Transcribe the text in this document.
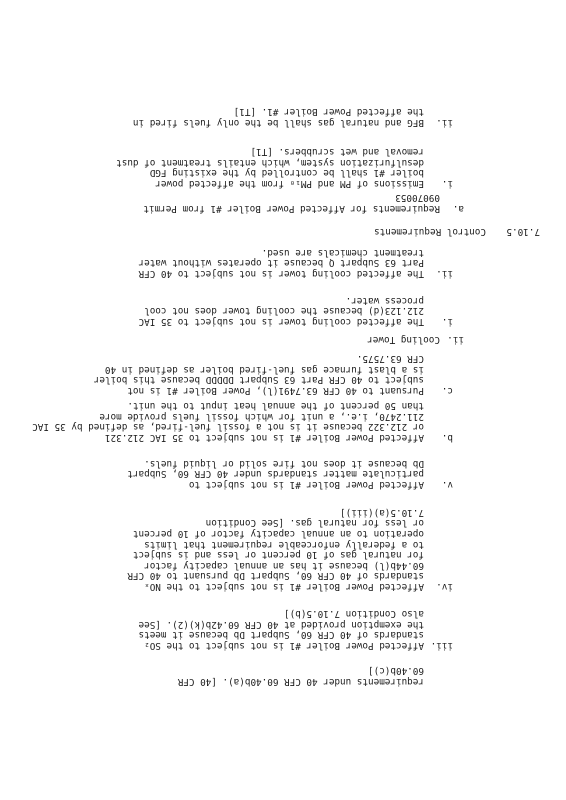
requirements under 40 CFR 60.40b(a). [40 CFR
60.40b(c)]
iii.
Affected Power Boiler #1 is not subject to the SO₂
standards of 40 CFR 60, Subpart Db because it meets
the exemption provided at 40 CFR 60.42b(k)(2). [See
also Condition 7.10.5(b)]
iv.
Affected Power Boiler #1 is not subject to the NOₓ
standards of 40 CFR 60, Subpart Db pursuant to 40 CFR
60.44b(l) because it has an annual capacity factor
for natural gas of 10 percent or less and is subject
to a federally enforceable requirement that limits
operation to an annual capacity factor of 10 percent
or less for natural gas. [See Condition
7.10.5(a)(iii)]
v.
Affected Power Boiler #1 is not subject to
particulate matter standards under 40 CFR 60, Subpart
Db because it does not fire solid or liquid fuels.
b.
Affected Power Boiler #1 is not subject to 35 IAC 212.321
or 212.322 because it is not a fossil fuel-fired, as defined by 35 IAC
211.2470, i.e., a unit for which fossil fuels provide more
than 50 percent of the annual heat input to the unit.
c.
Pursuant to 40 CFR 63.7491(l), Power Boiler #1 is not
subject to 40 CFR Part 63 Subpart DDDDD because this boiler
is a blast furnace gas fuel-fired boiler as defined in 40
CFR 63.7575.
ii.
Cooling Tower
i.
The affected cooling tower is not subject to 35 IAC
212.123(d) because the cooling tower does not cool
process water.
ii.
The affected cooling tower is not subject to 40 CFR
Part 63 Subpart Q because it operates without water
treatment chemicals are used.
7.10.5
Control Requirements
a.
Requirements for Affected Power Boiler #1 from Permit
09070053
i.
Emissions of PM and PM₁₀ from the affected power
boiler #1 shall be controlled by the existing FGD
desulfurization system, which entails treatment of dust
removal and wet scrubbers. [T1]
ii.
BFG and natural gas shall be the only fuels fired in
the affected Power Boiler #1. [T1]
